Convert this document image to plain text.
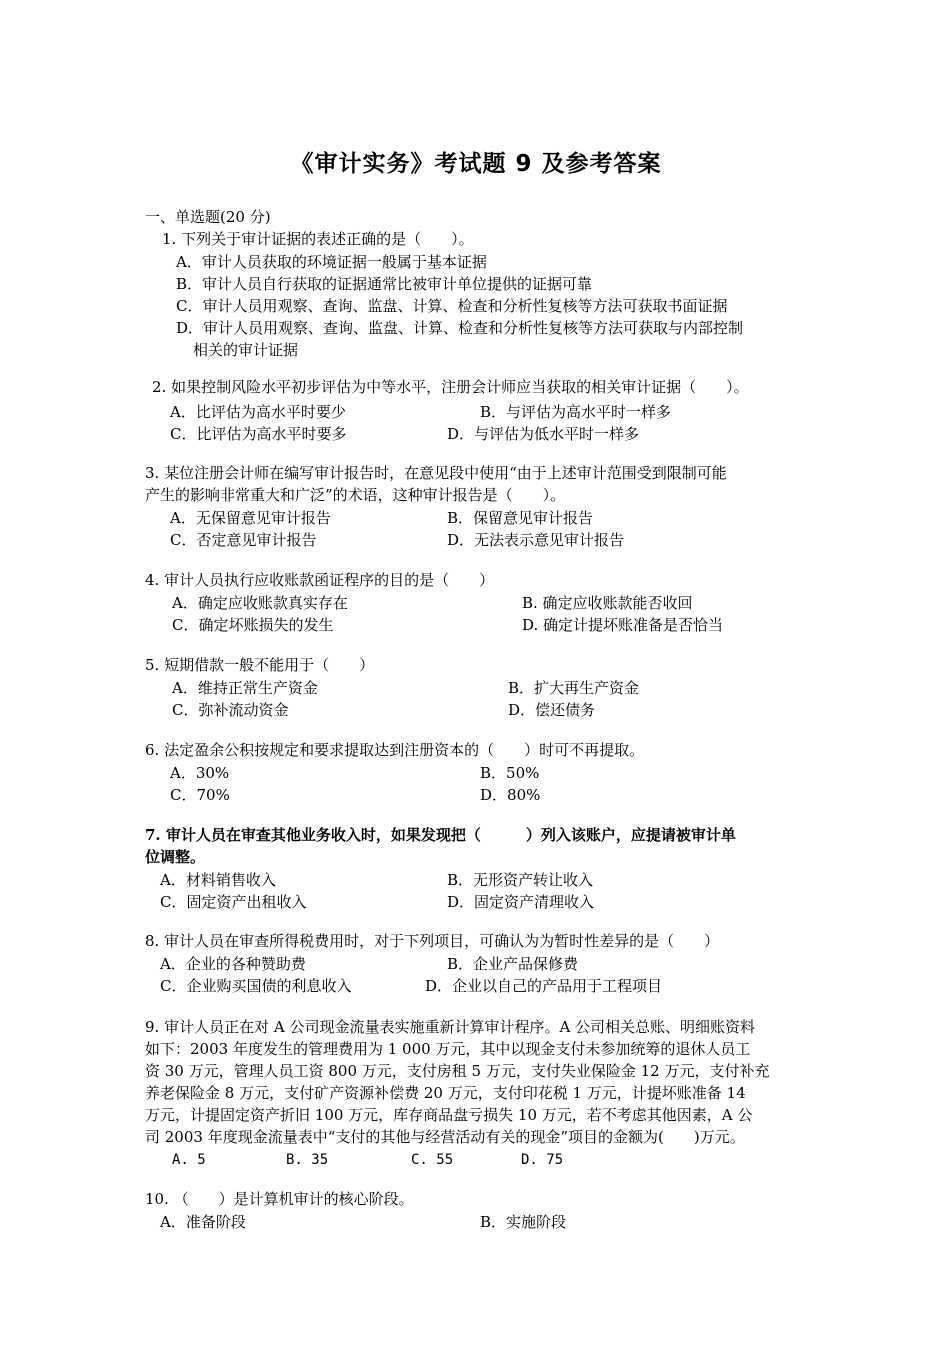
《审计实务》考试题 9 及参考答案
一、单选题(20 分)
1. 下列关于审计证据的表述正确的是（　　）。
A．审计人员获取的环境证据一般属于基本证据
B．审计人员自行获取的证据通常比被审计单位提供的证据可靠
C．审计人员用观察、查询、监盘、计算、检查和分析性复核等方法可获取书面证据
D．审计人员用观察、查询、监盘、计算、检查和分析性复核等方法可获取与内部控制
相关的审计证据
2. 如果控制风险水平初步评估为中等水平，注册会计师应当获取的相关审计证据（　　）。
A．比评估为高水平时要少	B．与评估为高水平时一样多
C．比评估为高水平时要多	D．与评估为低水平时一样多
3. 某位注册会计师在编写审计报告时，在意见段中使用“由于上述审计范围受到限制可能
产生的影响非常重大和广泛”的术语，这种审计报告是（　　）。
A．无保留意见审计报告	B．保留意见审计报告
C．否定意见审计报告	D．无法表示意见审计报告
4. 审计人员执行应收账款函证程序的目的是（　　）
A．确定应收账款真实存在	B. 确定应收账款能否收回
C．确定坏账损失的发生	D. 确定计提坏账准备是否恰当
5. 短期借款一般不能用于（　　）
A．维持正常生产资金	B．扩大再生产资金
C．弥补流动资金	D．偿还债务
6. 法定盈余公积按规定和要求提取达到注册资本的（　　）时可不再提取。
A．30%	B．50%
C．70%	D．80%
7. 审计人员在审查其他业务收入时，如果发现把（　　　）列入该账户，应提请被审计单
位调整。
A．材料销售收入	B．无形资产转让收入
C．固定资产出租收入	D．固定资产清理收入
8. 审计人员在审查所得税费用时，对于下列项目，可确认为为暂时性差异的是（　　）
A．企业的各种赞助费	B．企业产品保修费
C．企业购买国债的利息收入	D．企业以自己的产品用于工程项目
9. 审计人员正在对 A 公司现金流量表实施重新计算审计程序。A 公司相关总账、明细账资料
如下：2003 年度发生的管理费用为 1 000 万元，其中以现金支付未参加统筹的退休人员工
资 30 万元，管理人员工资 800 万元，支付房租 5 万元，支付失业保险金 12 万元，支付补充
养老保险金 8 万元，支付矿产资源补偿费 20 万元，支付印花税 1 万元，计提坏账准备 14
万元，计提固定资产折旧 100 万元，库存商品盘亏损失 10 万元，若不考虑其他因素，A 公
司 2003 年度现金流量表中“支付的其他与经营活动有关的现金”项目的金额为(　　)万元。
A. 5	B. 35	C. 55	D. 75
10. （　　）是计算机审计的核心阶段。
A．准备阶段	B．实施阶段
